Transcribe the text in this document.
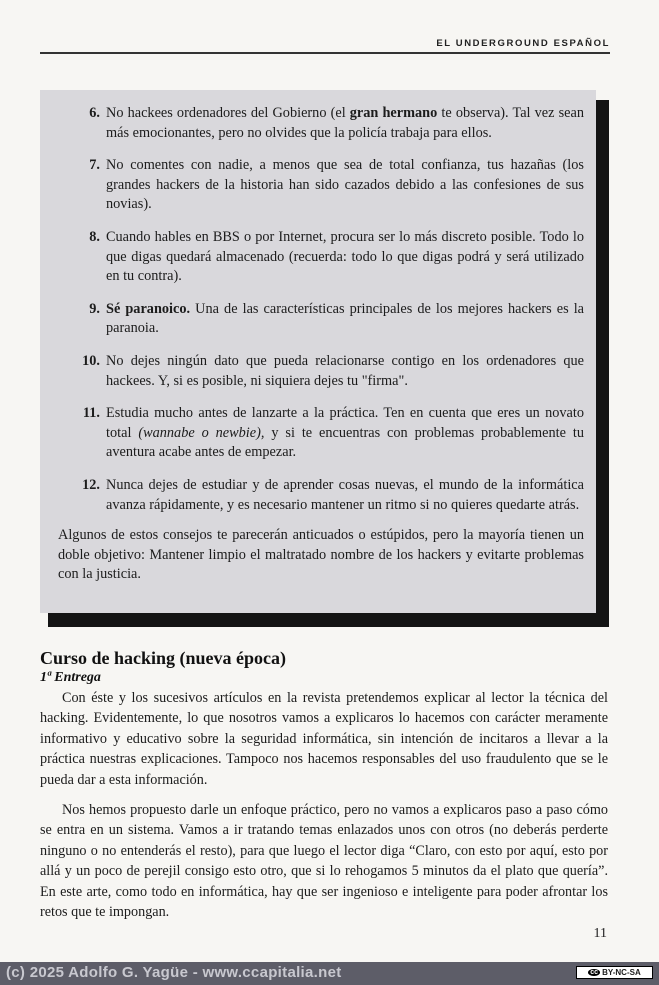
EL UNDERGROUND ESPAÑOL
6. No hackees ordenadores del Gobierno (el gran hermano te observa). Tal vez sean más emocionantes, pero no olvides que la policía trabaja para ellos.
7. No comentes con nadie, a menos que sea de total confianza, tus hazañas (los grandes hackers de la historia han sido cazados debido a las confesiones de sus novias).
8. Cuando hables en BBS o por Internet, procura ser lo más discreto posible. Todo lo que digas quedará almacenado (recuerda: todo lo que digas podrá y será utilizado en tu contra).
9. Sé paranoico. Una de las características principales de los mejores hackers es la paranoia.
10. No dejes ningún dato que pueda relacionarse contigo en los ordenadores que hackees. Y, si es posible, ni siquiera dejes tu "firma".
11. Estudia mucho antes de lanzarte a la práctica. Ten en cuenta que eres un novato total (wannabe o newbie), y si te encuentras con problemas probablemente tu aventura acabe antes de empezar.
12. Nunca dejes de estudiar y de aprender cosas nuevas, el mundo de la informática avanza rápidamente, y es necesario mantener un ritmo si no quieres quedarte atrás.
Algunos de estos consejos te parecerán anticuados o estúpidos, pero la mayoría tienen un doble objetivo: Mantener limpio el maltratado nombre de los hackers y evitarte problemas con la justicia.
Curso de hacking (nueva época)
1ª Entrega

Con éste y los sucesivos artículos en la revista pretendemos explicar al lector la técnica del hacking. Evidentemente, lo que nosotros vamos a explicaros lo hacemos con carácter meramente informativo y educativo sobre la seguridad informática, sin intención de incitaros a llevar a la práctica nuestras explicaciones. Tampoco nos hacemos responsables del uso fraudulento que se le pueda dar a esta información.

Nos hemos propuesto darle un enfoque práctico, pero no vamos a explicaros paso a paso cómo se entra en un sistema. Vamos a ir tratando temas enlazados unos con otros (no deberás perderte ninguno o no entenderás el resto), para que luego el lector diga “Claro, con esto por aquí, esto por allá y un poco de perejil consigo esto otro, que si lo rehogamos 5 minutos da el plato que quería”. En este arte, como todo en informática, hay que ser ingenioso e inteligente para poder afrontar los retos que te impongan.

11
(c) 2025 Adolfo G. Yagüe - www.ccapitalia.net	cc BY-NC-SA
